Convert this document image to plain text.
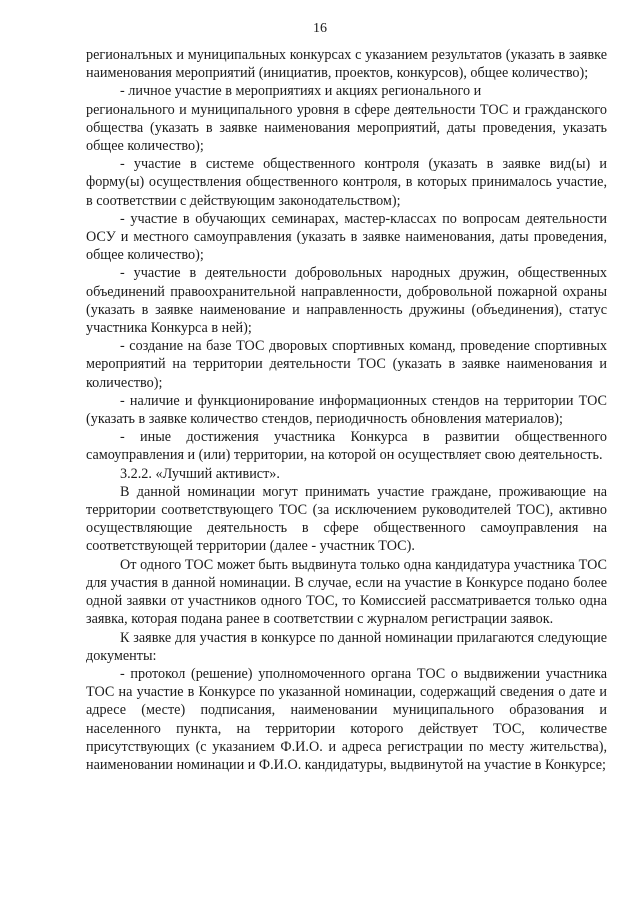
16

регионалъных и муниципальных конкурсах с указанием результатов (указать в заявке наименования мероприятий (инициатив, проектов, конкурсов), общее количество);

- личное участие в мероприятиях и акциях регионального и

регионального и муниципального уровня в сфере деятельности ТОС и гражданского общества (указать в заявке наименования мероприятий, даты проведения, указать общее количество);

- участие в системе общественного контроля (указать в заявке вид(ы) и форму(ы) осуществления общественного контроля, в которых принималось участие, в соответствии с действующим законодательством);

- участие в обучающих семинарах, мастер-классах по вопросам деятельности ОСУ и местного самоуправления (указать в заявке наименования, даты проведения, общее количество);

- участие в деятельности добровольных народных дружин, общественных объединений правоохранительной направленности, добровольной пожарной охраны (указать в заявке наименование и направленность дружины (объединения), статус участника Конкурса в ней);

- создание на базе ТОС дворовых спортивных команд, проведение спортивных мероприятий на территории деятельности ТОС (указать в заявке наименования и количество);

- наличие и функционирование информационных стендов на территории ТОС (указать в заявке количество стендов, периодичность обновления материалов);

- иные достижения участника Конкурса в развитии общественного самоуправления и (или) территории, на которой он осуществляет свою деятельность.

3.2.2. «Лучший активист».

В данной номинации могут принимать участие граждане, проживающие на территории соответствующего ТОС (за исключением руководителей ТОС), активно осуществляющие деятельность в сфере общественного самоуправления на соответствующей территории (далее - участник ТОС).

От одного ТОС может быть выдвинута только одна кандидатура участника ТОС для участия в данной номинации. В случае, если на участие в Конкурсе подано более одной заявки от участников одного ТОС, то Комиссией рассматривается только одна заявка, которая подана ранее в соответствии с журналом регистрации заявок.

К заявке для участия в конкурсе по данной номинации прилагаются следующие документы:

- протокол (решение) уполномоченного органа ТОС о выдвижении участника ТОС на участие в Конкурсе по указанной номинации, содержащий сведения о дате и адресе (месте) подписания, наименовании муниципального образования и населенного пункта, на территории которого действует ТОС, количестве присутствующих (с указанием Ф.И.О. и адреса регистрации по месту жительства), наименовании номинации и Ф.И.О. кандидатуры, выдвинутой на участие в Конкурсе;
